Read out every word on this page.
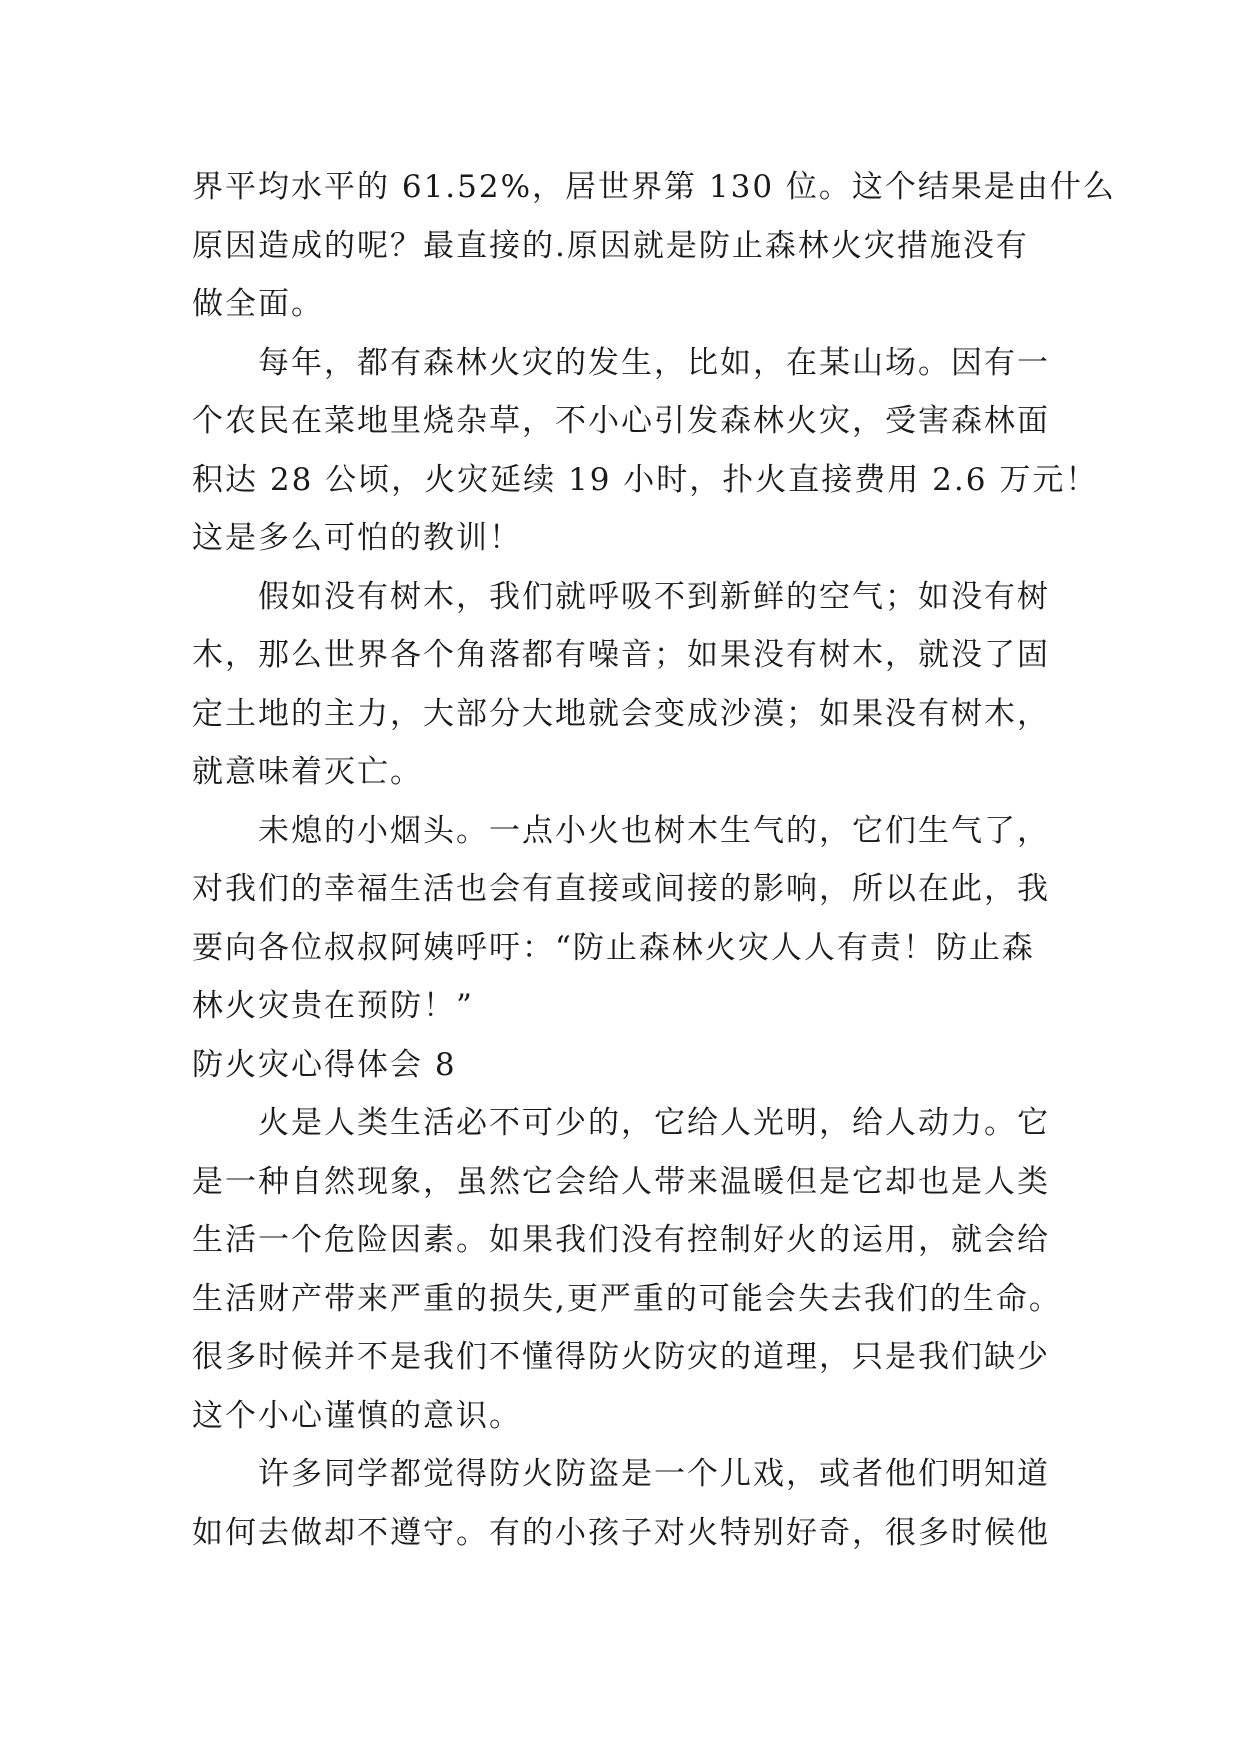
界平均水平的 61.52%，居世界第 130 位。这个结果是由什么

原因造成的呢？最直接的.原因就是防止森林火灾措施没有

做全面。

　　每年，都有森林火灾的发生，比如，在某山场。因有一

个农民在菜地里烧杂草，不小心引发森林火灾，受害森林面

积达 28 公顷，火灾延续 19 小时，扑火直接费用 2.6 万元！

这是多么可怕的教训！

　　假如没有树木，我们就呼吸不到新鲜的空气；如没有树

木，那么世界各个角落都有噪音；如果没有树木，就没了固

定土地的主力，大部分大地就会变成沙漠；如果没有树木，

就意味着灭亡。

　　未熄的小烟头。一点小火也树木生气的，它们生气了，

对我们的幸福生活也会有直接或间接的影响，所以在此，我

要向各位叔叔阿姨呼吁：“防止森林火灾人人有责！防止森

林火灾贵在预防！”

防火灾心得体会 8

　　火是人类生活必不可少的，它给人光明，给人动力。它

是一种自然现象，虽然它会给人带来温暖但是它却也是人类

生活一个危险因素。如果我们没有控制好火的运用，就会给

生活财产带来严重的损失,更严重的可能会失去我们的生命。

很多时候并不是我们不懂得防火防灾的道理，只是我们缺少

这个小心谨慎的意识。

　　许多同学都觉得防火防盗是一个儿戏，或者他们明知道

如何去做却不遵守。有的小孩子对火特别好奇，很多时候他
